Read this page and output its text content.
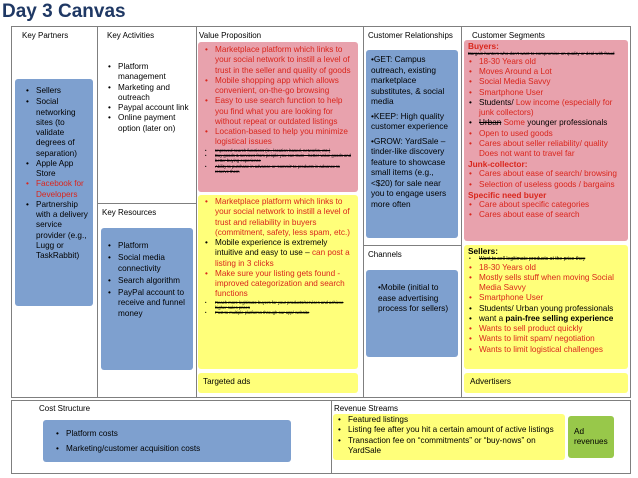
Day 3 Canvas
Key Partners	Key Activities	Value Proposition	Customer Relationships Customer Segments
Key Resources
Channels
Cost Structure	Revenue Streams
• Sellers
• Social networking sites (to validate degrees of separation)
• Apple App Store
• Facebook for Developers
• Partnership with a delivery service provider (e.g., Lugg or TaskRabbit)
• Platform management
• Marketing and outreach
• Paypal account link
• Online payment option (later on)
• Platform
• Social media connectivity
• Search algorithm
• PayPal account to receive and funnel money
• Marketplace platform which links to your social network to instill a level of trust in the seller and quality of goods
• Mobile shopping app which allows convenient, on-the-go browsing
• Easy to use search function to help you find what you are looking for without repeat or outdated listings
• Location-based to help you minimize logistical issues
• Improved search functions (ie., location-based, networks, etc.)
• Buy goods & services from people you can trust – better value goods and better buying experience
• Ability to purchase in advance or ‘commit’ to products in advance to reserve them
• Marketplace platform which links to your social network to instill a level of trust and reliability in buyers (commitment, safety, less spam, etc.)
• Mobile experience is extremely intuitive and easy to use – can post a listing in 3 clicks
• Make sure your listing gets found - improved categorization and search functions
• Reach more legitimate buyers for your products/services and achieve higher sales prices
• Post to multiple platforms through our app/ website
Targeted ads
•GET: Campus outreach, existing marketplace substitutes, & social media
•KEEP: High quality customer experience
•GROW: YardSale – tinder-like discovery feature to showcase small items (e.g., <$20) for sale near you to engage users more often
•Mobile (initial to ease advertising process for sellers)
Buyers:
Bargain hunters who don’t want to compromise on quality or deal with fraud
• 18-30 Years old
• Moves Around a Lot
• Social Media Savvy
• Smartphone User
• Students/ Low income (especially for junk collectors)
• Urban Some younger professionals
• Open to used goods
• Cares about seller reliability/ quality Does not want to travel far
Junk-collector:
• Cares about ease of search/ browsing
• Selection of useless goods / bargains
Specific need buyer
• Care about specific categories
• Cares about ease of search
Sellers:
• Want to sell legitimate products at the price they
• 18-30 Years old
• Mostly sells stuff when moving Social Media Savvy
• Smartphone User
• Students/ Urban young professionals
• want a pain-free selling experience
• Wants to sell product quickly
• Wants to limit spam/ negotiation
• Wants to limit logistical challenges
Advertisers
• Platform costs
• Marketing/customer acquisition costs
• Featured listings
• Listing fee after you hit a certain amount of active listings
• Transaction fee on “commitments” or “buy-nows” on YardSale
Ad revenues
